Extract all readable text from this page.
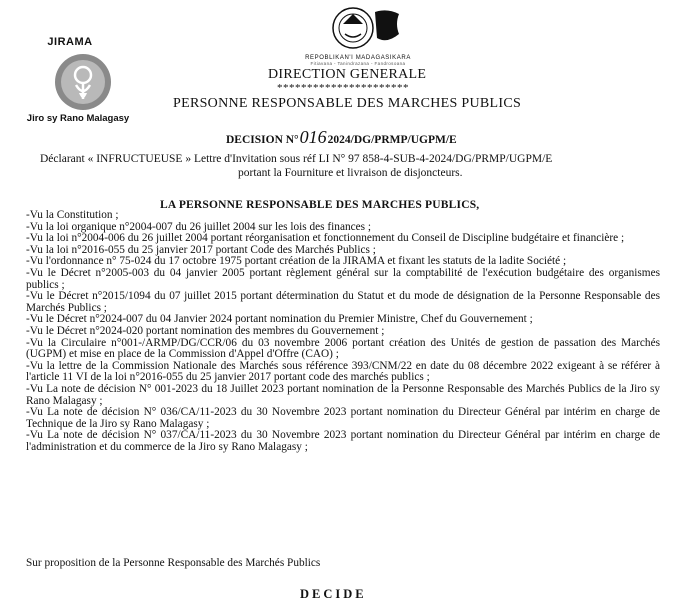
JIRAMA
Jiro sy Rano Malagasy
REPOBLIKAN'I MADAGASIKARA
Fitiavana - Tanindrazana - Fandrosoana
DIRECTION GENERALE
**********************
PERSONNE RESPONSABLE DES MARCHES PUBLICS
DECISION N°0162024/DG/PRMP/UGPM/E
Déclarant « INFRUCTUEUSE » Lettre d'Invitation sous réf LI N° 97 858-4-SUB-4-2024/DG/PRMP/UGPM/E
portant la Fourniture et livraison de disjoncteurs.
LA PERSONNE RESPONSABLE DES MARCHES PUBLICS,
-Vu la Constitution ;
-Vu la loi organique n°2004-007 du 26 juillet 2004 sur les lois des finances ;
-Vu la loi n°2004-006 du 26 juillet 2004 portant réorganisation et fonctionnement du Conseil de Discipline budgétaire et financière ;
-Vu la loi n°2016-055 du 25 janvier 2017 portant Code des Marchés Publics ;
-Vu l'ordonnance n° 75-024 du 17 octobre 1975 portant création de la JIRAMA et fixant les statuts de la ladite Société ;
-Vu le Décret n°2005-003 du 04 janvier 2005 portant règlement général sur la comptabilité de l'exécution budgétaire des organismes publics ;
-Vu le Décret n°2015/1094 du 07 juillet 2015 portant détermination du Statut et du mode de désignation de la Personne Responsable des Marchés Publics ;
-Vu le Décret n°2024-007 du 04 Janvier 2024 portant nomination du Premier Ministre, Chef du Gouvernement ;
-Vu le Décret n°2024-020 portant nomination des membres du Gouvernement ;
-Vu la Circulaire n°001-/ARMP/DG/CCR/06 du 03 novembre 2006 portant création des Unités de gestion de passation des Marchés (UGPM) et mise en place de la Commission d'Appel d'Offre (CAO) ;
-Vu la lettre de la Commission Nationale des Marchés sous référence 393/CNM/22 en date du 08 décembre 2022 exigeant à se référer à l'article 11 VI de la loi n°2016-055 du 25 janvier 2017 portant code des marchés publics ;
-Vu La note de décision N° 001-2023 du 18 Juillet 2023 portant nomination de la Personne Responsable des Marchés Publics de la Jiro sy Rano Malagasy ;
-Vu La note de décision N° 036/CA/11-2023 du 30 Novembre 2023 portant nomination du Directeur Général par intérim en charge de Technique de la Jiro sy Rano Malagasy ;
-Vu La note de décision N° 037/CA/11-2023 du 30 Novembre 2023 portant nomination du Directeur Général par intérim en charge de l'administration et du commerce de la Jiro sy Rano Malagasy ;
Sur proposition de la Personne Responsable des Marchés Publics
DECIDE
